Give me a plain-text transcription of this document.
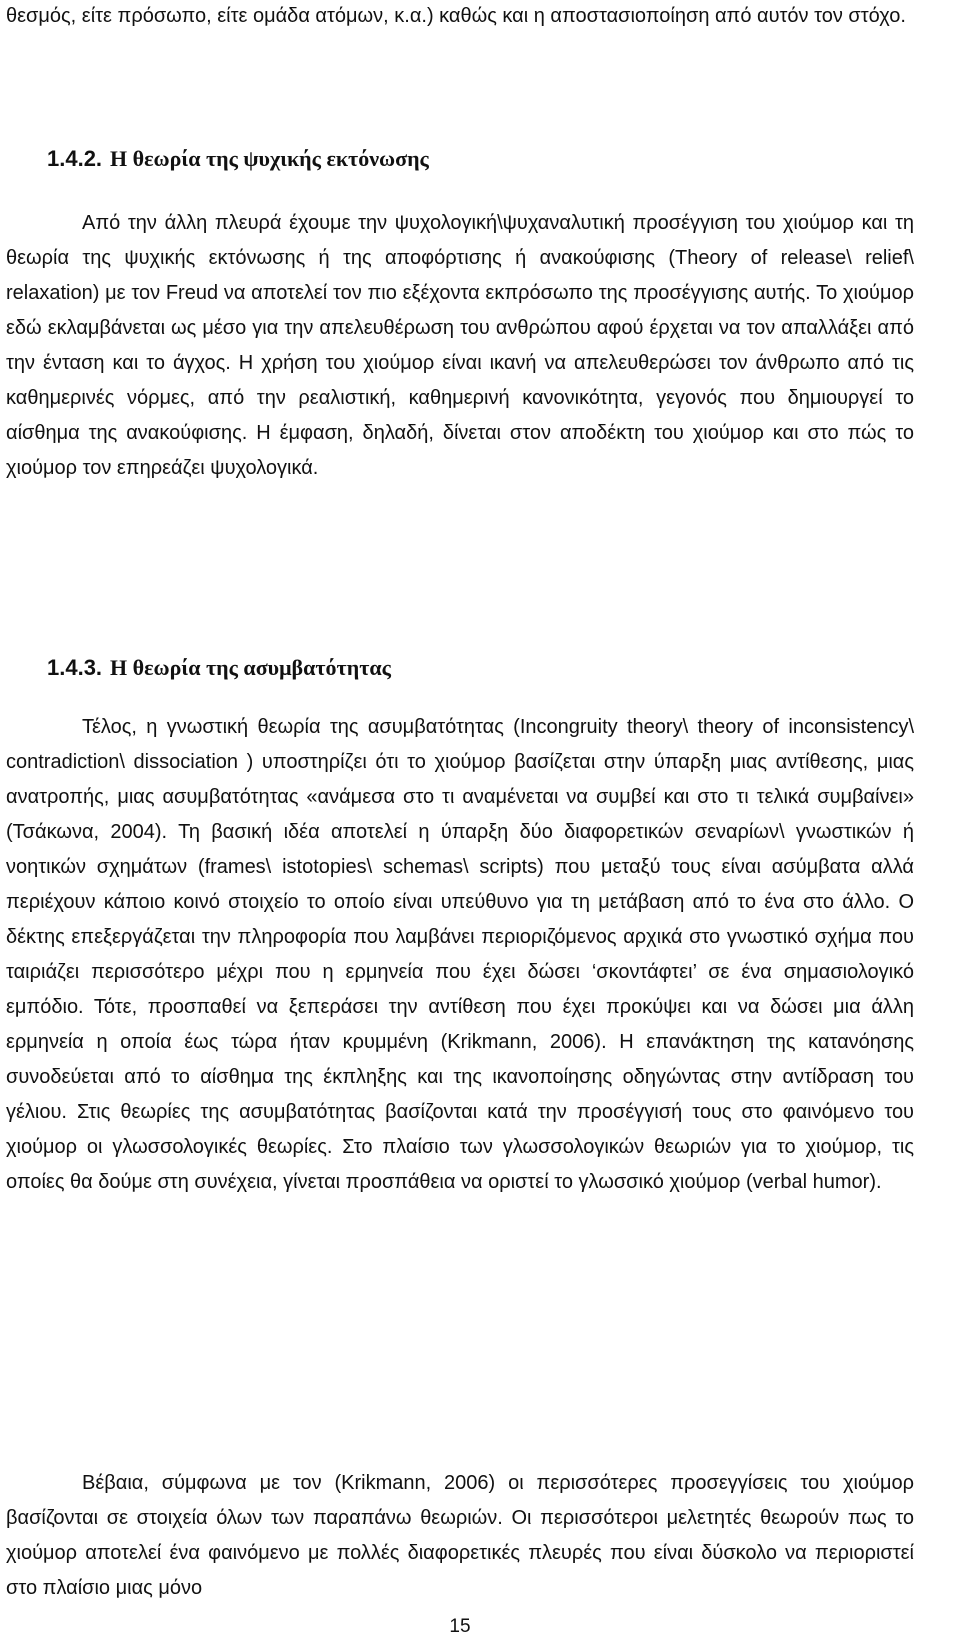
θεσμός, είτε πρόσωπο, είτε ομάδα ατόμων, κ.α.) καθώς και η αποστασιοποίηση από αυτόν τον στόχο.

1.4.2. Η θεωρία της ψυχικής εκτόνωσης

Από την άλλη πλευρά έχουμε την ψυχολογική\ψυχαναλυτική προσέγγιση του χιούμορ και τη θεωρία της ψυχικής εκτόνωσης ή της αποφόρτισης ή ανακούφισης (Theory of release\ relief\ relaxation) με τον Freud να αποτελεί τον πιο εξέχοντα εκπρόσωπο της προσέγγισης αυτής. Το χιούμορ εδώ εκλαμβάνεται ως μέσο για την απελευθέρωση του ανθρώπου αφού έρχεται να τον απαλλάξει από την ένταση και το άγχος. Η χρήση του χιούμορ είναι ικανή να απελευθερώσει τον άνθρωπο από τις καθημερινές νόρμες, από την ρεαλιστική, καθημερινή κανονικότητα, γεγονός που δημιουργεί το αίσθημα της ανακούφισης. Η έμφαση, δηλαδή, δίνεται στον αποδέκτη του χιούμορ και στο πώς το χιούμορ τον επηρεάζει ψυχολογικά.

1.4.3. Η θεωρία της ασυμβατότητας

Τέλος, η γνωστική θεωρία της ασυμβατότητας (Incongruity theory\ theory of inconsistency\ contradiction\ dissociation ) υποστηρίζει ότι το χιούμορ βασίζεται στην ύπαρξη μιας αντίθεσης, μιας ανατροπής, μιας ασυμβατότητας «ανάμεσα στο τι αναμένεται να συμβεί και στο τι τελικά συμβαίνει» (Τσάκωνα, 2004). Τη βασική ιδέα αποτελεί η ύπαρξη δύο διαφορετικών σεναρίων\ γνωστικών ή νοητικών σχημάτων (frames\ istotopies\ schemas\ scripts) που μεταξύ τους είναι ασύμβατα αλλά περιέχουν κάποιο κοινό στοιχείο το οποίο είναι υπεύθυνο για τη μετάβαση από το ένα στο άλλο. Ο δέκτης επεξεργάζεται την πληροφορία που λαμβάνει περιοριζόμενος αρχικά στο γνωστικό σχήμα που ταιριάζει περισσότερο μέχρι που η ερμηνεία που έχει δώσει ‘σκοντάφτει’ σε ένα σημασιολογικό εμπόδιο. Τότε, προσπαθεί να ξεπεράσει την αντίθεση που έχει προκύψει και να δώσει μια άλλη ερμηνεία η οποία έως τώρα ήταν κρυμμένη (Krikmann, 2006). Η επανάκτηση της κατανόησης συνοδεύεται από το αίσθημα της έκπληξης και της ικανοποίησης οδηγώντας στην αντίδραση του γέλιου. Στις θεωρίες της ασυμβατότητας βασίζονται κατά την προσέγγισή τους στο φαινόμενο του χιούμορ οι γλωσσολογικές θεωρίες. Στο πλαίσιο των γλωσσολογικών θεωριών για το χιούμορ, τις οποίες θα δούμε στη συνέχεια, γίνεται προσπάθεια να οριστεί το γλωσσικό χιούμορ (verbal humor).

Βέβαια, σύμφωνα με τον (Krikmann, 2006) οι περισσότερες προσεγγίσεις του χιούμορ βασίζονται σε στοιχεία όλων των παραπάνω θεωριών. Οι περισσότεροι μελετητές θεωρούν πως το χιούμορ αποτελεί ένα φαινόμενο με πολλές διαφορετικές πλευρές που είναι δύσκολο να περιοριστεί στο πλαίσιο μιας μόνο

15
